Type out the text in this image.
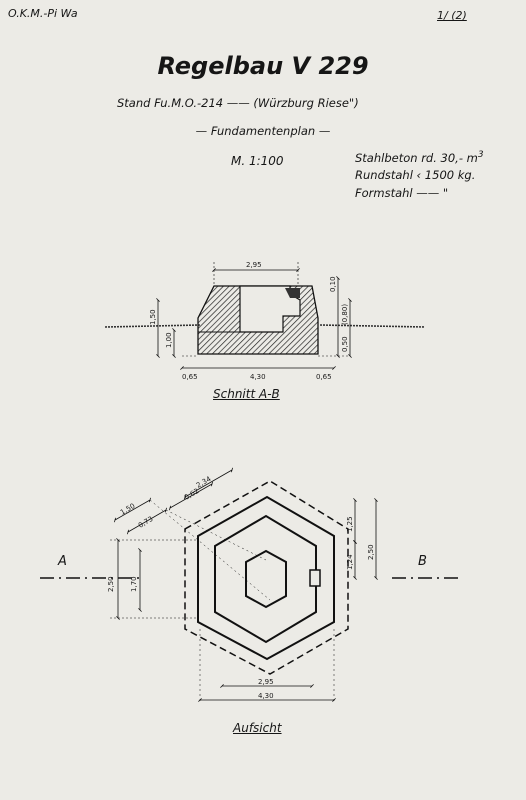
O.K.M.-Pi Wa	1/ (2)
Regelbau V 229
Stand Fu.M.O.-214 —— (Würzburg Riese")
— Fundamentenplan —
M. 1:100	Stahlbeton rd. 30,- $m^3$
Rundstahl ‹ 1500 kg.
Formstahl —— "
2,95
4,30
0,65	0,65
1,50
1,00
0,10
(0,80)
0,50
2,50 1,70
2,50
1,25
1,24
2,34
0,62
1,50
0,73
2,95
4,30
Schnitt A-B
A	B
Aufsicht
